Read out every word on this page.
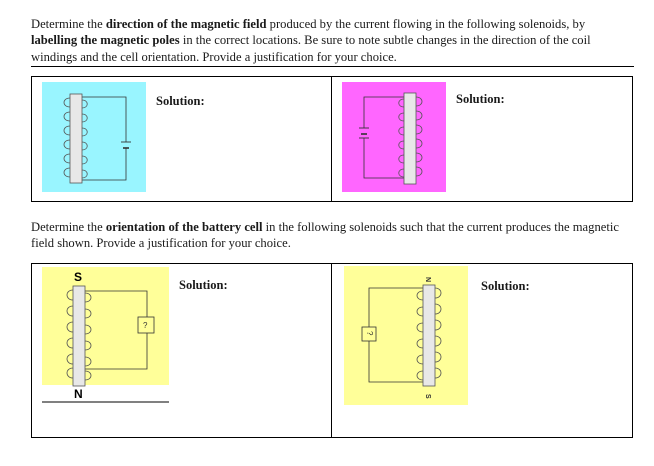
Determine the direction of the magnetic field produced by the current flowing in the following solenoids, by labelling the magnetic poles in the correct locations. Be sure to note subtle changes in the direction of the coil windings and the cell orientation. Provide a justification for your choice.
Solution:	Solution:
Determine the orientation of the battery cell in the following solenoids such that the current produces the magnetic field shown. Provide a justification for your choice.
Solution:	Solution:
S
N
?
N
S
?
